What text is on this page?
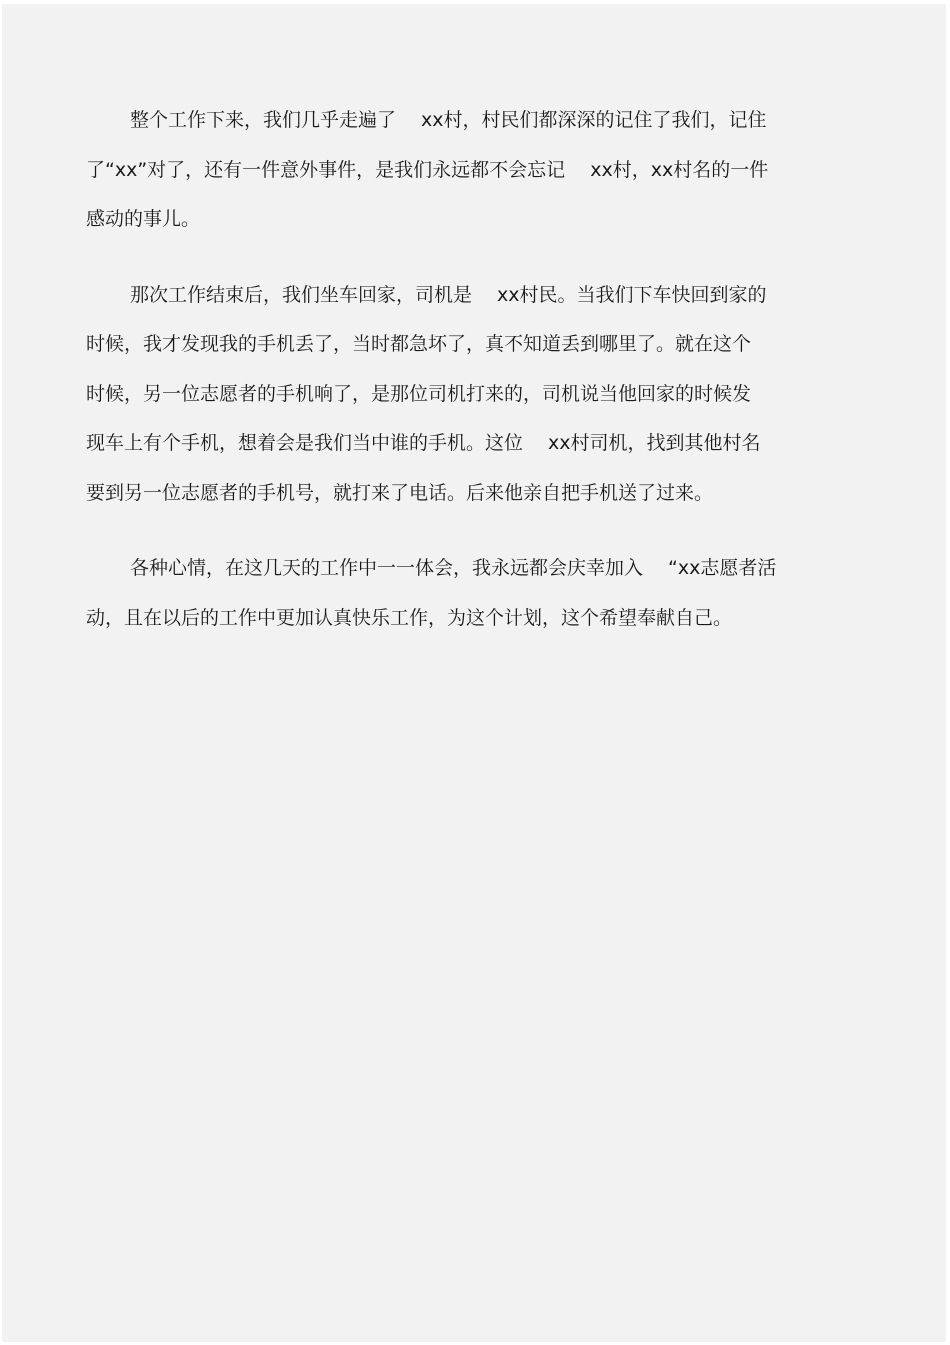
整个工作下来，我们几乎走遍了　 xx村，村民们都深深的记住了我们，记住
了“xx”对了，还有一件意外事件，是我们永远都不会忘记　 xx村，xx村名的一件
感动的事儿。
那次工作结束后，我们坐车回家，司机是　 xx村民。当我们下车快回到家的
时候，我才发现我的手机丢了，当时都急坏了，真不知道丢到哪里了。就在这个
时候，另一位志愿者的手机响了，是那位司机打来的，司机说当他回家的时候发
现车上有个手机，想着会是我们当中谁的手机。这位　 xx村司机，找到其他村名
要到另一位志愿者的手机号，就打来了电话。后来他亲自把手机送了过来。
各种心情，在这几天的工作中一一体会，我永远都会庆幸加入　 “xx志愿者活
动，且在以后的工作中更加认真快乐工作，为这个计划，这个希望奉献自己。
